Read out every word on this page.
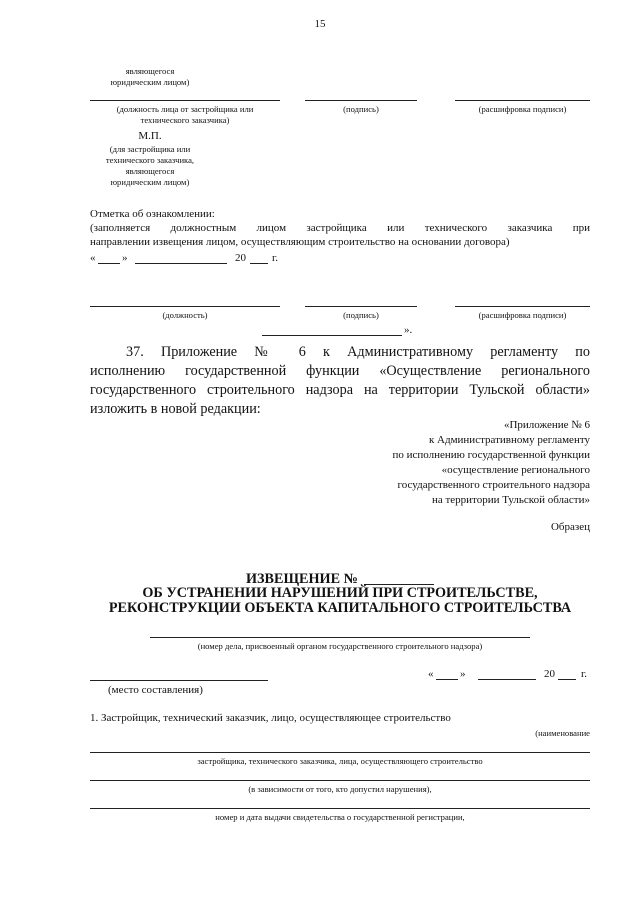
15
являющегося
юридическим лицом)
(должность лица от застройщика или	(подпись)	(расшифровка подписи)
технического заказчика)
М.П.
(для застройщика или
технического заказчика,
являющегося
юридическим лицом)
Отметка об ознакомлении:
(заполняется должностным лицом застройщика или технического заказчика при
направлении извещения лицом, осуществляющим строительство на основании договора)
« »	20 г.
(должность)	(подпись)	(расшифровка подписи)
».
37. Приложение № 6 к Административному регламенту по
исполнению государственной функции «Осуществление регионального
государственного строительного надзора на территории Тульской области»
изложить в новой редакции:
«Приложение № 6
к Административному регламенту
по исполнению государственной функции
«осуществление регионального
государственного строительного надзора
на территории Тульской области»
Образец
ИЗВЕЩЕНИЕ №
ОБ УСТРАНЕНИИ НАРУШЕНИЙ ПРИ СТРОИТЕЛЬСТВЕ,
РЕКОНСТРУКЦИИ ОБЪЕКТА КАПИТАЛЬНОГО СТРОИТЕЛЬСТВА
(номер дела, присвоенный органом государственного строительного надзора)
(место составления)
« »	20 г.
1. Застройщик, технический заказчик, лицо, осуществляющее строительство
(наименование
застройщика, технического заказчика, лица, осуществляющего строительство
(в зависимости от того, кто допустил нарушения),
номер и дата выдачи свидетельства о государственной регистрации,
